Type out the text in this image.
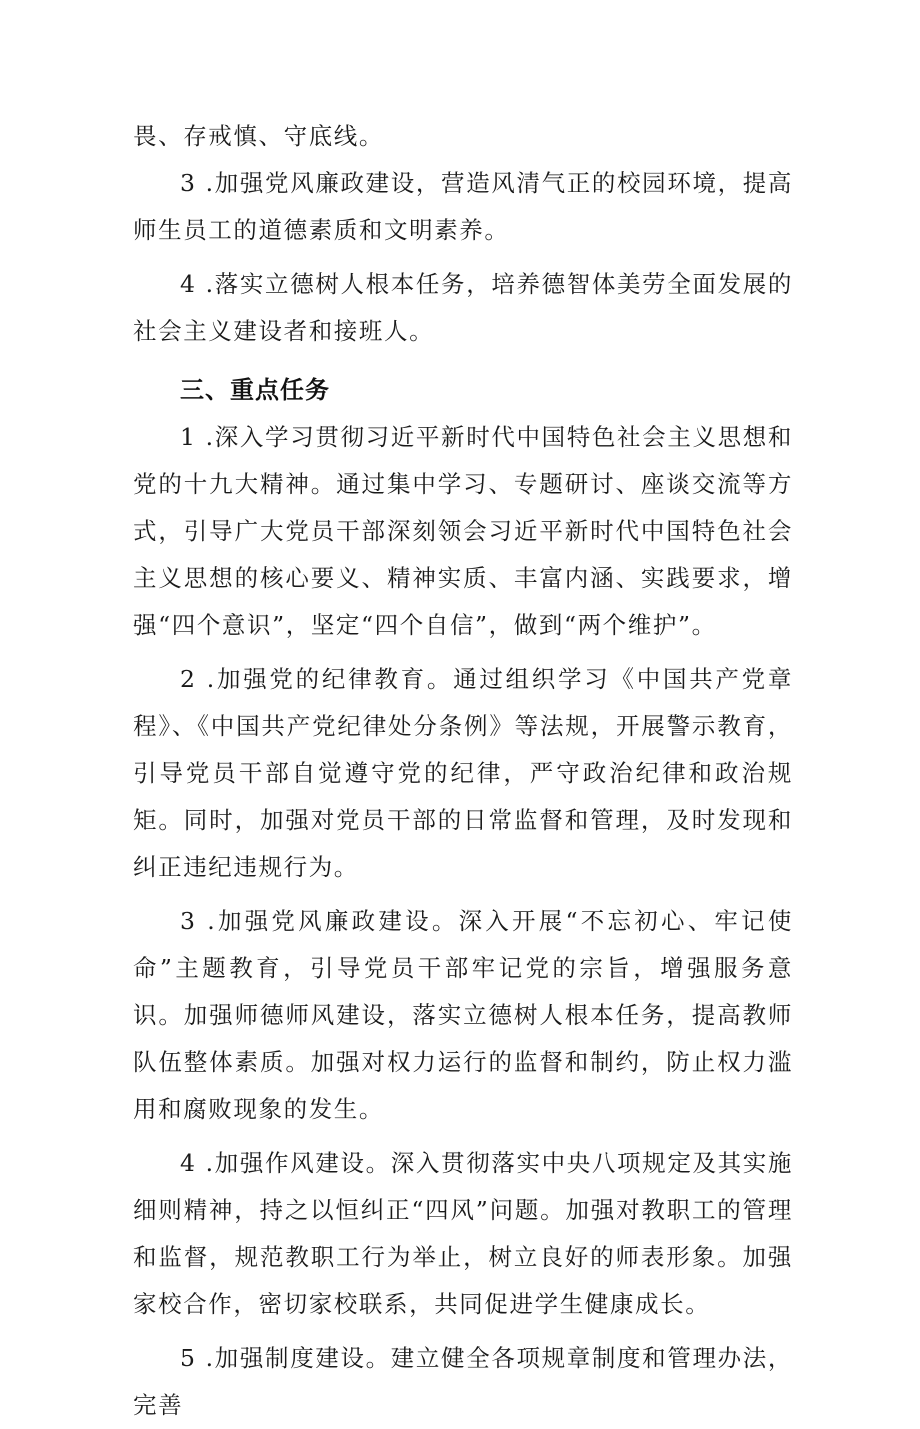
畏、存戒慎、守底线。

3 .加强党风廉政建设，营造风清气正的校园环境，提高师生员工的道德素质和文明素养。

4 .落实立德树人根本任务，培养德智体美劳全面发展的社会主义建设者和接班人。

三、重点任务

1 .深入学习贯彻习近平新时代中国特色社会主义思想和党的十九大精神。通过集中学习、专题研讨、座谈交流等方式，引导广大党员干部深刻领会习近平新时代中国特色社会主义思想的核心要义、精神实质、丰富内涵、实践要求，增强“四个意识”，坚定“四个自信”，做到“两个维护”。

2 .加强党的纪律教育。通过组织学习《中国共产党章程》、《中国共产党纪律处分条例》等法规，开展警示教育，引导党员干部自觉遵守党的纪律，严守政治纪律和政治规矩。同时，加强对党员干部的日常监督和管理，及时发现和纠正违纪违规行为。

3 .加强党风廉政建设。深入开展“不忘初心、牢记使命”主题教育，引导党员干部牢记党的宗旨，增强服务意识。加强师德师风建设，落实立德树人根本任务，提高教师队伍整体素质。加强对权力运行的监督和制约，防止权力滥用和腐败现象的发生。

4 .加强作风建设。深入贯彻落实中央八项规定及其实施细则精神，持之以恒纠正“四风”问题。加强对教职工的管理和监督，规范教职工行为举止，树立良好的师表形象。加强家校合作，密切家校联系，共同促进学生健康成长。

5 .加强制度建设。建立健全各项规章制度和管理办法，完善
